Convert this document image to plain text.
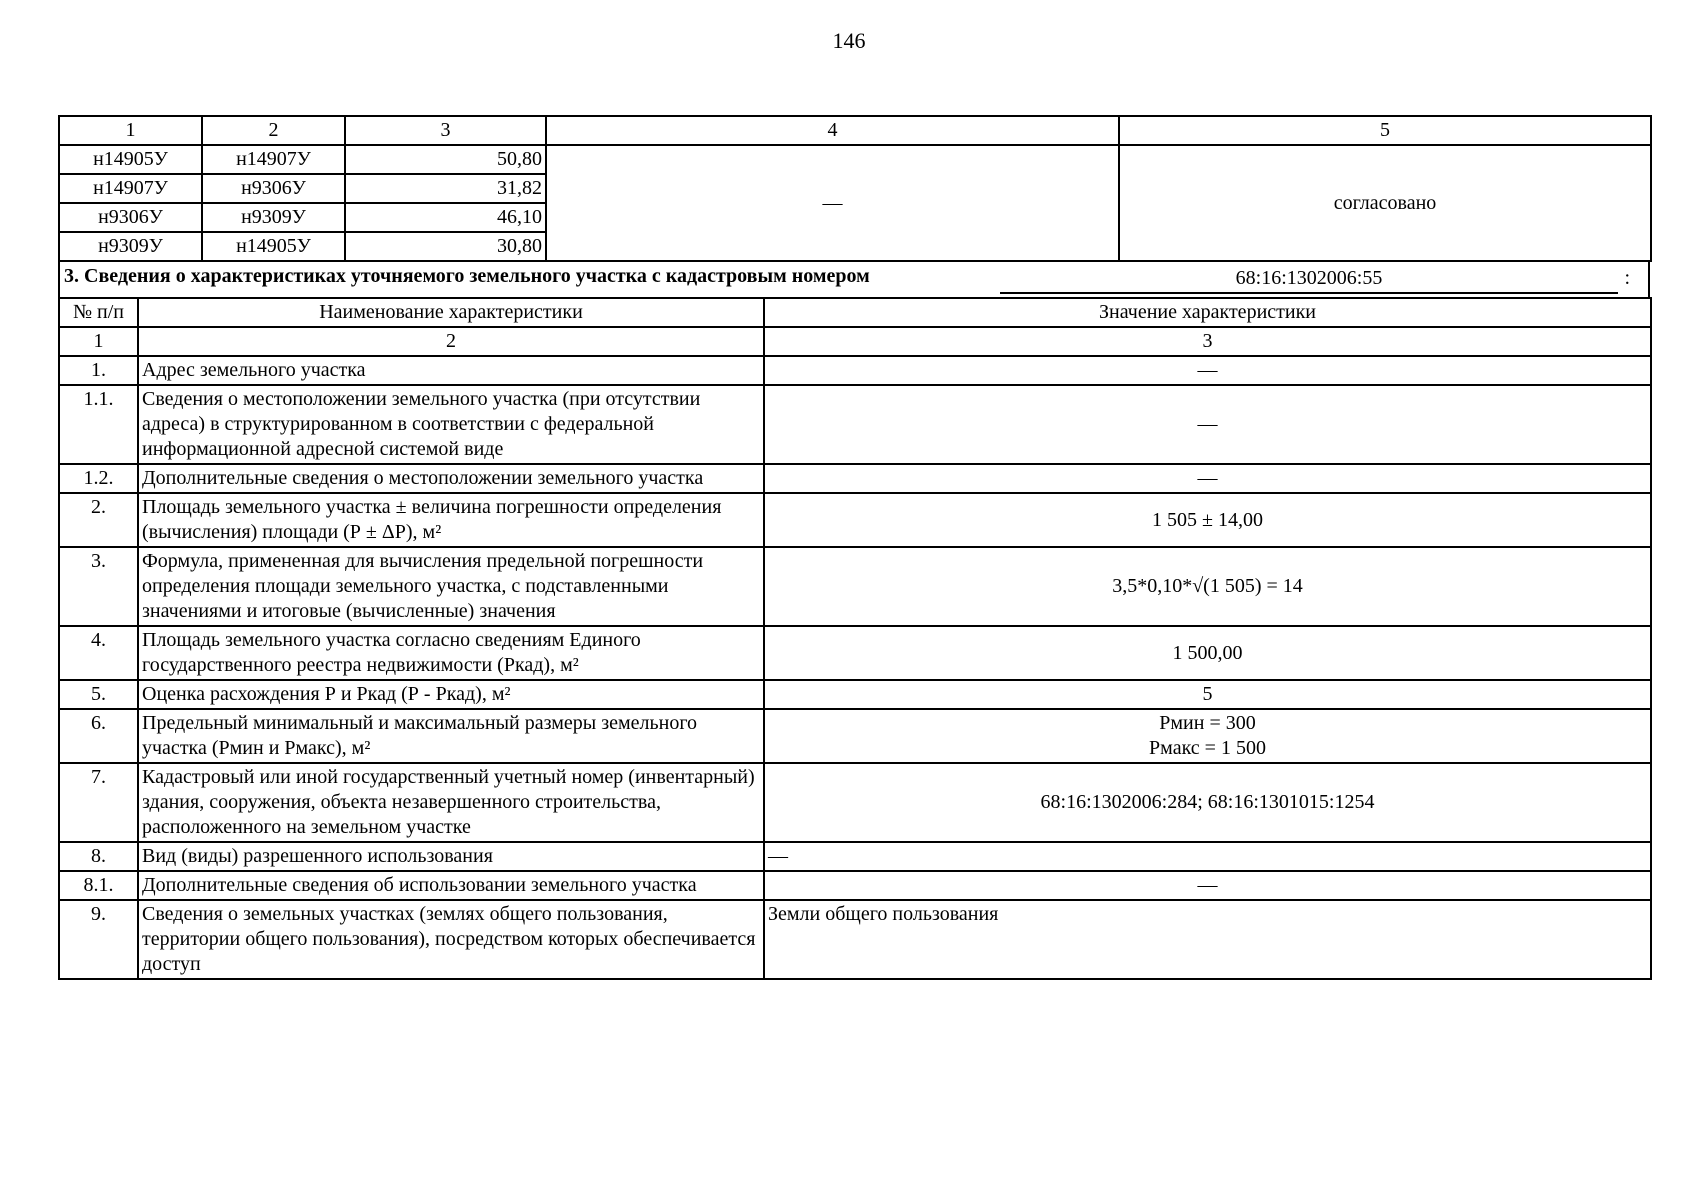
146
1	2	3	4	5
н14905У	н14907У	50,80	—	согласовано
н14907У	н9306У	31,82		
н9306У	н9309У	46,10		
н9309У	н14905У	30,80		
3. Сведения о характеристиках уточняемого земельного участка с кадастровым номером	68:16:1302006:55	:
№ п/п	Наименование характеристики	Значение характеристики
1	2	3
1.	Адрес земельного участка	—
1.1.	Сведения о местоположении земельного участка (при отсутствии адреса) в структурированном в соответствии с федеральной информационной адресной системой виде	—
1.2.	Дополнительные сведения о местоположении земельного участка	—
2.	Площадь земельного участка ± величина погрешности определения (вычисления) площади (Р ± ΔР), м²	1 505 ± 14,00
3.	Формула, примененная для вычисления предельной погрешности определения площади земельного участка, с подставленными значениями и итоговые (вычисленные) значения	3,5*0,10*√(1 505) = 14
4.	Площадь земельного участка согласно сведениям Единого государственного реестра недвижимости (Ркад), м²	1 500,00
5.	Оценка расхождения Р и Ркад (Р - Ркад), м²	5
6.	Предельный минимальный и максимальный размеры земельного участка (Рмин и Рмакс), м²	Рмин = 300
Рмакс = 1 500

7.	Кадастровый или иной государственный учетный номер (инвентарный) здания, сооружения, объекта незавершенного строительства, расположенного на земельном участке	68:16:1302006:284; 68:16:1301015:1254
8.	Вид (виды) разрешенного использования	—
8.1.	Дополнительные сведения об использовании земельного участка	—
9.	Сведения о земельных участках (землях общего пользования, территории общего пользования), посредством которых обеспечивается доступ	Земли общего пользования
